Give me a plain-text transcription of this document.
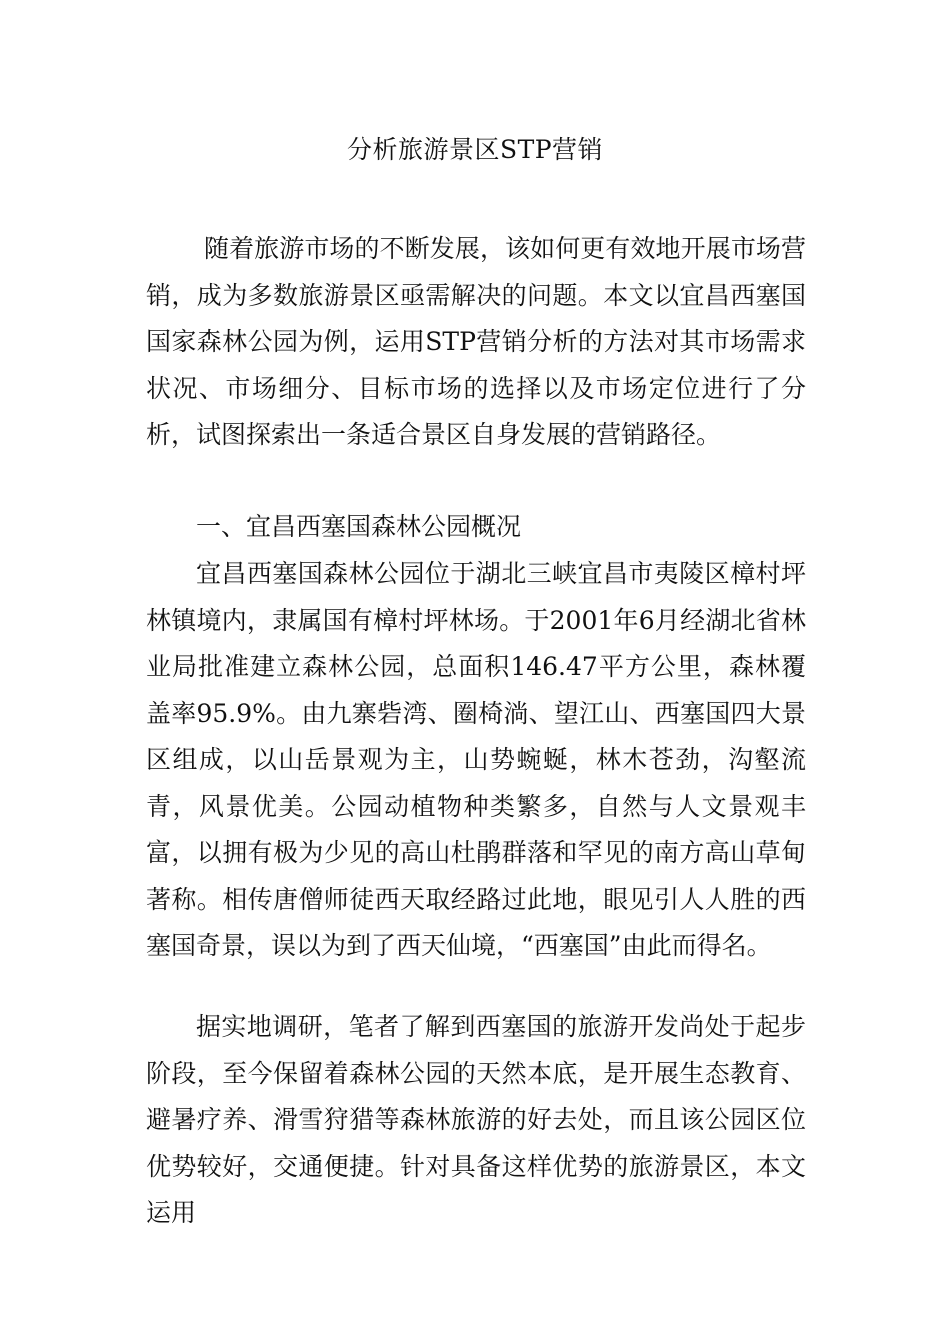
分析旅游景区STP营销

随着旅游市场的不断发展，该如何更有效地开展市场营销，成为多数旅游景区亟需解决的问题。本文以宜昌西塞国国家森林公园为例，运用STP营销分析的方法对其市场需求状况、市场细分、目标市场的选择以及市场定位进行了分析，试图探索出一条适合景区自身发展的营销路径。

一、宜昌西塞国森林公园概况

宜昌西塞国森林公园位于湖北三峡宜昌市夷陵区樟村坪林镇境内，隶属国有樟村坪林场。于2001年6月经湖北省林业局批准建立森林公园，总面积146.47平方公里，森林覆盖率95.9%。由九寨砦湾、圈椅淌、望江山、西塞国四大景区组成，以山岳景观为主，山势蜿蜒，林木苍劲，沟壑流青，风景优美。公园动植物种类繁多，自然与人文景观丰富，以拥有极为少见的高山杜鹃群落和罕见的南方高山草甸著称。相传唐僧师徒西天取经路过此地，眼见引人人胜的西塞国奇景，误以为到了西天仙境，“西塞国”由此而得名。

据实地调研，笔者了解到西塞国的旅游开发尚处于起步阶段，至今保留着森林公园的天然本底，是开展生态教育、避暑疗养、滑雪狩猎等森林旅游的好去处，而且该公园区位优势较好，交通便捷。针对具备这样优势的旅游景区，本文运用
